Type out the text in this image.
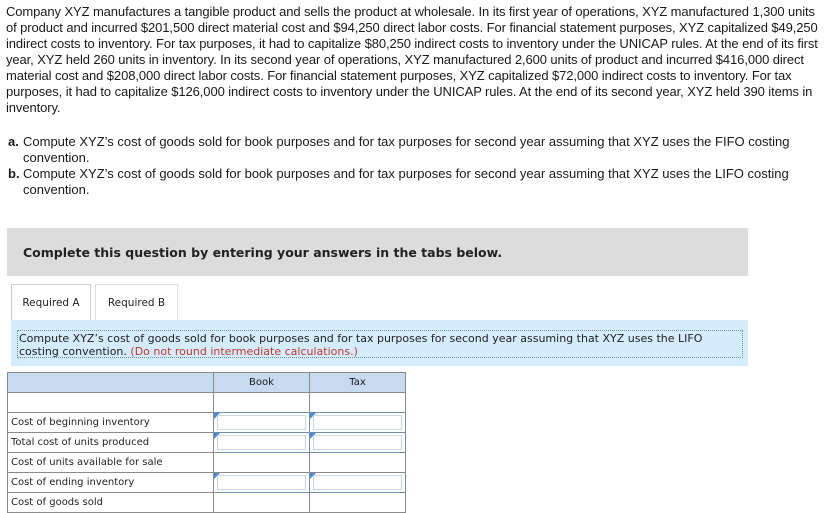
Company XYZ manufactures a tangible product and sells the product at wholesale. In its first year of operations, XYZ manufactured 1,300 units of product and incurred $201,500 direct material cost and $94,250 direct labor costs. For financial statement purposes, XYZ capitalized $49,250 indirect costs to inventory. For tax purposes, it had to capitalize $80,250 indirect costs to inventory under the UNICAP rules. At the end of its first year, XYZ held 260 units in inventory. In its second year of operations, XYZ manufactured 2,600 units of product and incurred $416,000 direct material cost and $208,000 direct labor costs. For financial statement purposes, XYZ capitalized $72,000 indirect costs to inventory. For tax purposes, it had to capitalize $126,000 indirect costs to inventory under the UNICAP rules. At the end of its second year, XYZ held 390 items in inventory.
a. Compute XYZ’s cost of goods sold for book purposes and for tax purposes for second year assuming that XYZ uses the FIFO costing convention.
b. Compute XYZ’s cost of goods sold for book purposes and for tax purposes for second year assuming that XYZ uses the LIFO costing convention.
Complete this question by entering your answers in the tabs below.
Required A	Required B
Compute XYZ’s cost of goods sold for book purposes and for tax purposes for second year assuming that XYZ uses the LIFO costing convention. (Do not round intermediate calculations.)
	Book	Tax

Cost of beginning inventory	

Total cost of units produced	

Cost of units available for sale		
Cost of ending inventory	

Cost of goods sold		
